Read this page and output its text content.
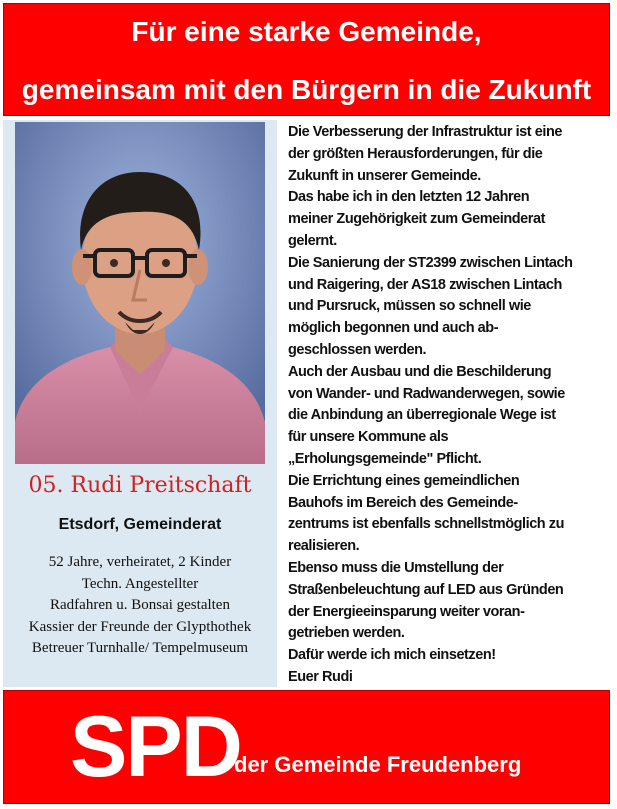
Für eine starke Gemeinde,
gemeinsam mit den Bürgern in die Zukunft
05. Rudi Preitschaft
Etsdorf, Gemeinderat
52 Jahre, verheiratet, 2 Kinder
Techn. Angestellter
Radfahren u. Bonsai gestalten
Kassier der Freunde der Glypthothek
Betreuer Turnhalle/ Tempelmuseum

Die Verbesserung der Infrastruktur ist eine

der größten Herausforderungen, für die

Zukunft in unserer Gemeinde.

Das habe ich in den letzten 12 Jahren

meiner Zugehörigkeit zum Gemeinderat

gelernt.

Die Sanierung der ST2399 zwischen Lintach

und Raigering, der AS18 zwischen Lintach

und Pursruck, müssen so schnell wie

möglich begonnen und auch ab-

geschlossen werden.

Auch der Ausbau und die Beschilderung

von Wander- und Radwanderwegen, sowie

die Anbindung an überregionale Wege ist

für unsere Kommune als

„Erholungsgemeinde" Pflicht.

Die Errichtung eines gemeindlichen

Bauhofs im Bereich des Gemeinde-

zentrums ist ebenfalls schnellstmöglich zu

realisieren.

Ebenso muss die Umstellung der

Straßenbeleuchtung auf LED aus Gründen

der Energieeinsparung weiter voran-

getrieben werden.

Dafür werde ich mich einsetzen!

Euer Rudi

SPD
der Gemeinde Freudenberg
